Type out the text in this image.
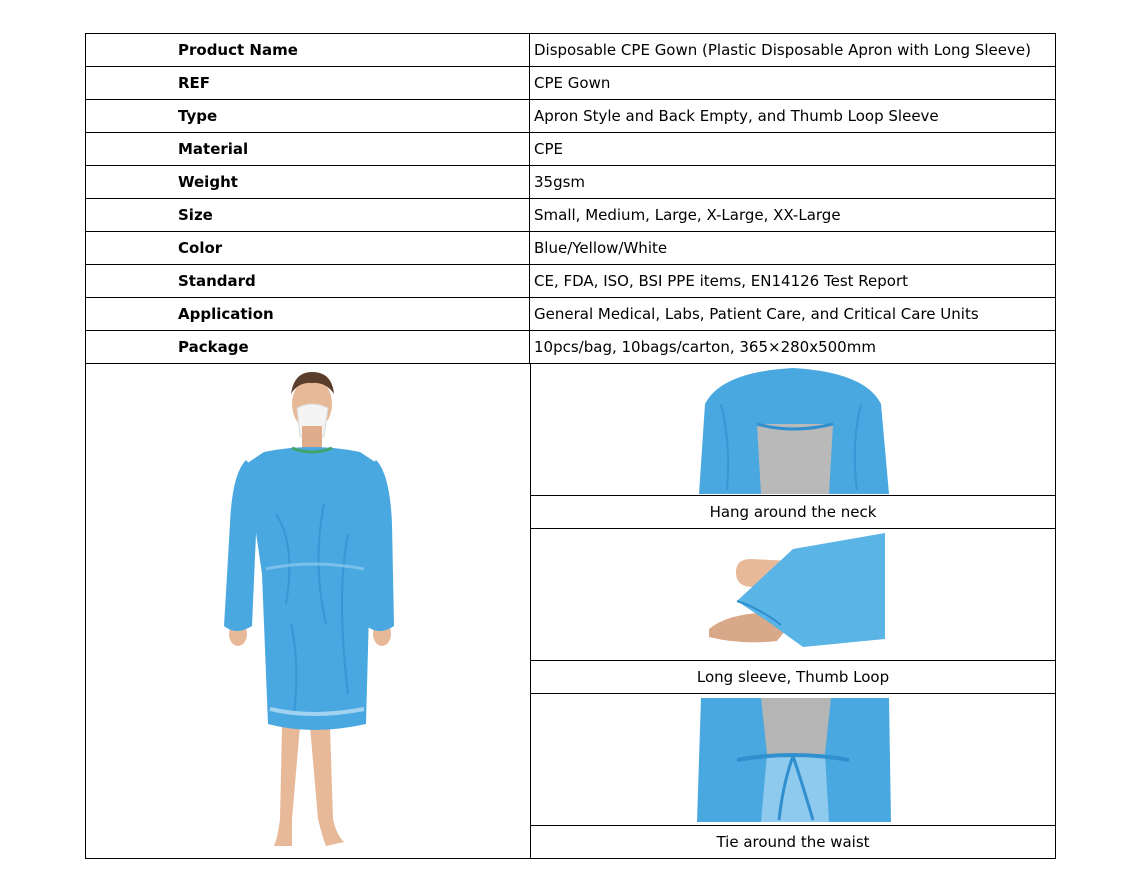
Product Name	Disposable CPE Gown (Plastic Disposable Apron with Long Sleeve)
REF	CPE Gown
Type	Apron Style and Back Empty, and Thumb Loop Sleeve
Material	CPE
Weight	35gsm
Size	Small, Medium, Large, X-Large, XX-Large
Color	Blue/Yellow/White
Standard	CE, FDA, ISO, BSI PPE items, EN14126 Test Report
Application	General Medical, Labs, Patient Care, and Critical Care Units
Package	10pcs/bag, 10bags/carton, 365×280x500mm
Hang around the neck
Long sleeve, Thumb Loop
Tie around the waist
